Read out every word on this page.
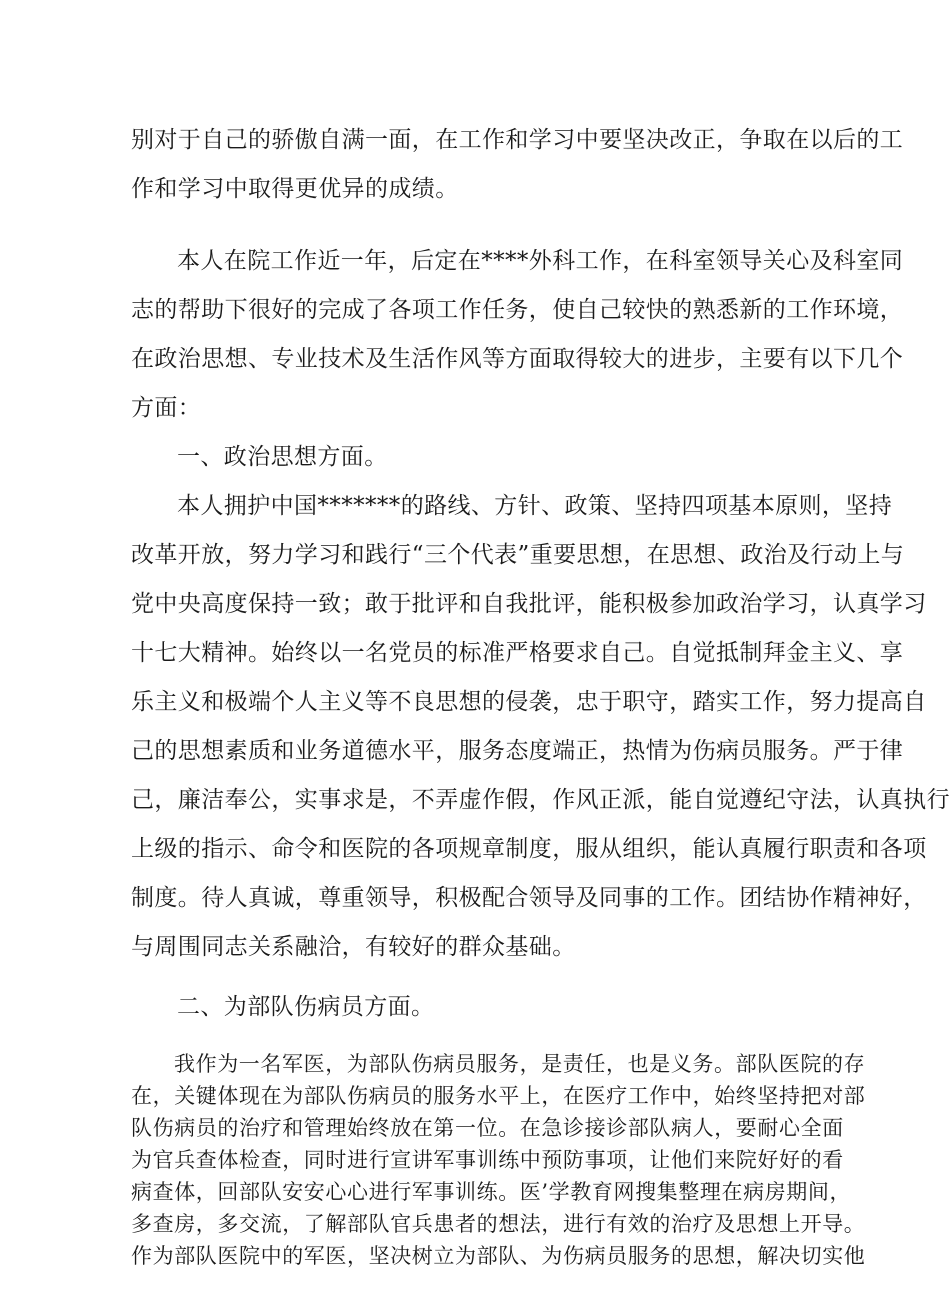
别对于自己的骄傲自满一面，在工作和学习中要坚决改正，争取在以后的工

作和学习中取得更优异的成绩。

本人在院工作近一年，后定在****外科工作，在科室领导关心及科室同

志的帮助下很好的完成了各项工作任务，使自己较快的熟悉新的工作环境，

在政治思想、专业技术及生活作风等方面取得较大的进步，主要有以下几个

方面：

一、政治思想方面。

本人拥护中国*******的路线、方针、政策、坚持四项基本原则，坚持

改革开放，努力学习和践行“三个代表”重要思想，在思想、政治及行动上与

党中央高度保持一致；敢于批评和自我批评，能积极参加政治学习，认真学习

十七大精神。始终以一名党员的标准严格要求自己。自觉抵制拜金主义、享

乐主义和极端个人主义等不良思想的侵袭，忠于职守，踏实工作，努力提高自

己的思想素质和业务道德水平，服务态度端正，热情为伤病员服务。严于律

己，廉洁奉公，实事求是，不弄虚作假，作风正派，能自觉遵纪守法，认真执行

上级的指示、命令和医院的各项规章制度，服从组织，能认真履行职责和各项

制度。待人真诚，尊重领导，积极配合领导及同事的工作。团结协作精神好，

与周围同志关系融洽，有较好的群众基础。

二、为部队伤病员方面。

我作为一名军医，为部队伤病员服务，是责任，也是义务。部队医院的存

在，关键体现在为部队伤病员的服务水平上，在医疗工作中，始终坚持把对部

队伤病员的治疗和管理始终放在第一位。在急诊接诊部队病人，要耐心全面

为官兵查体检查，同时进行宣讲军事训练中预防事项，让他们来院好好的看

病查体，回部队安安心心进行军事训练。医’学教育网搜集整理在病房期间，

多查房，多交流，了解部队官兵患者的想法，进行有效的治疗及思想上开导。

作为部队医院中的军医，坚决树立为部队、为伤病员服务的思想，解决切实他
